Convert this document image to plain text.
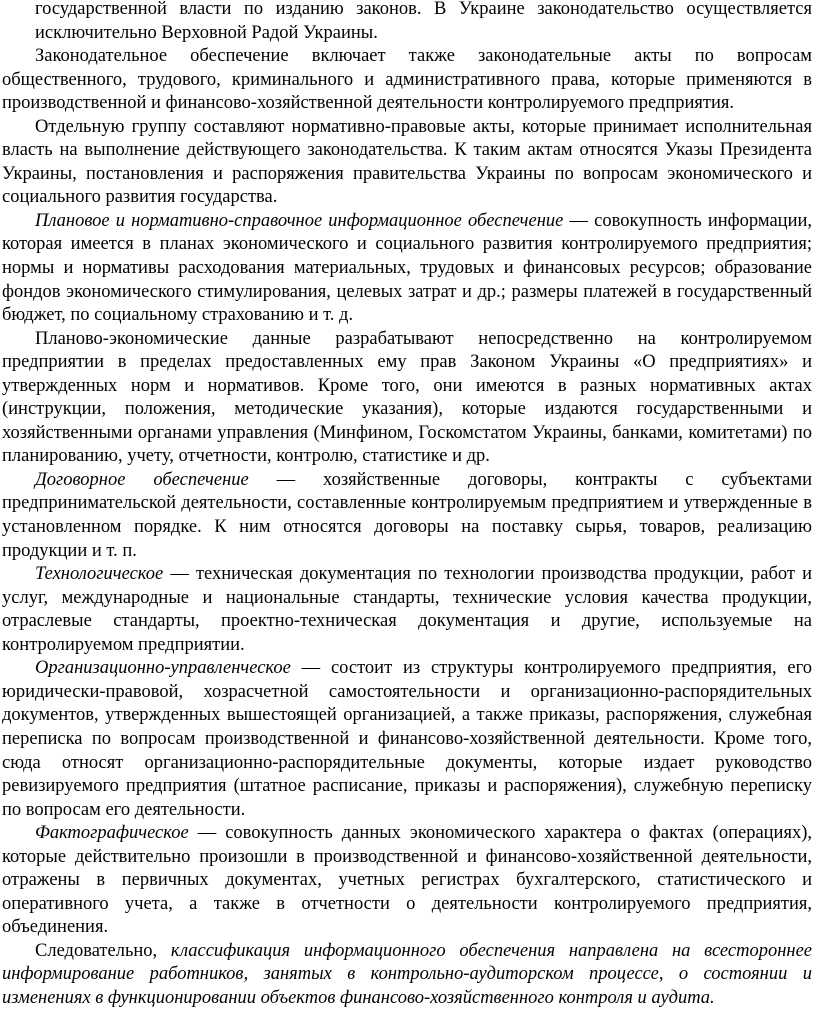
государственной власти по изданию законов. В Украине законодательство осуществляется исключительно Верховной Радой Украины.

Законодательное обеспечение включает также законодательные акты по вопросам общественного, трудового, криминального и административного права, которые применяются в производственной и финансово-хозяйственной деятельности контролируемого предприятия.

Отдельную группу составляют нормативно-правовые акты, которые принимает исполнительная власть на выполнение действующего законодательства. К таким актам относятся Указы Президента Украины, постановления и распоряжения правительства Украины по вопросам экономического и социального развития государства.

Плановое и нормативно-справочное информационное обеспечение — совокупность информации, которая имеется в планах экономического и социального развития контролируемого предприятия; нормы и нормативы расходования материальных, трудовых и финансовых ресурсов; образование фондов экономического стимулирования, целевых затрат и др.; размеры платежей в государственный бюджет, по социальному страхованию и т. д.

Планово-экономические данные разрабатывают непосредственно на контролируемом предприятии в пределах предоставленных ему прав Законом Украины «О предприятиях» и утвержденных норм и нормативов. Кроме того, они имеются в разных нормативных актах (инструкции, положения, методические указания), которые издаются государственными и хозяйственными органами управления (Минфином, Госкомстатом Украины, банками, комитетами) по планированию, учету, отчетности, контролю, статистике и др.

Договорное обеспечение — хозяйственные договоры, контракты с субъектами предпринимательской деятельности, составленные контролируемым предприятием и утвержденные в установленном порядке. К ним относятся договоры на поставку сырья, товаров, реализацию продукции и т. п.

Технологическое — техническая документация по технологии производства продукции, работ и услуг, международные и национальные стандарты, технические условия качества продукции, отраслевые стандарты, проектно-техническая документация и другие, используемые на контролируемом предприятии.

Организационно-управленческое — состоит из структуры контролируемого предприятия, его юридически-правовой, хозрасчетной самостоятельности и организационно-распорядительных документов, утвержденных вышестоящей организацией, а также приказы, распоряжения, служебная переписка по вопросам производственной и финансово-хозяйственной деятельности. Кроме того, сюда относят организационно-распорядительные документы, которые издает руководство ревизируемого предприятия (штатное расписание, приказы и распоряжения), служебную переписку по вопросам его деятельности.

Фактографическое — совокупность данных экономического характера о фактах (операциях), которые действительно произошли в производственной и финансово-хозяйственной деятельности, отражены в первичных документах, учетных регистрах бухгалтерского, статистического и оперативного учета, а также в отчетности о деятельности контролируемого предприятия, объединения.

Следовательно, классификация информационного обеспечения направлена на всестороннее информирование работников, занятых в контрольно-аудиторском процессе, о состоянии и изменениях в функционировании объектов финансово-хозяйственного контроля и аудита.
